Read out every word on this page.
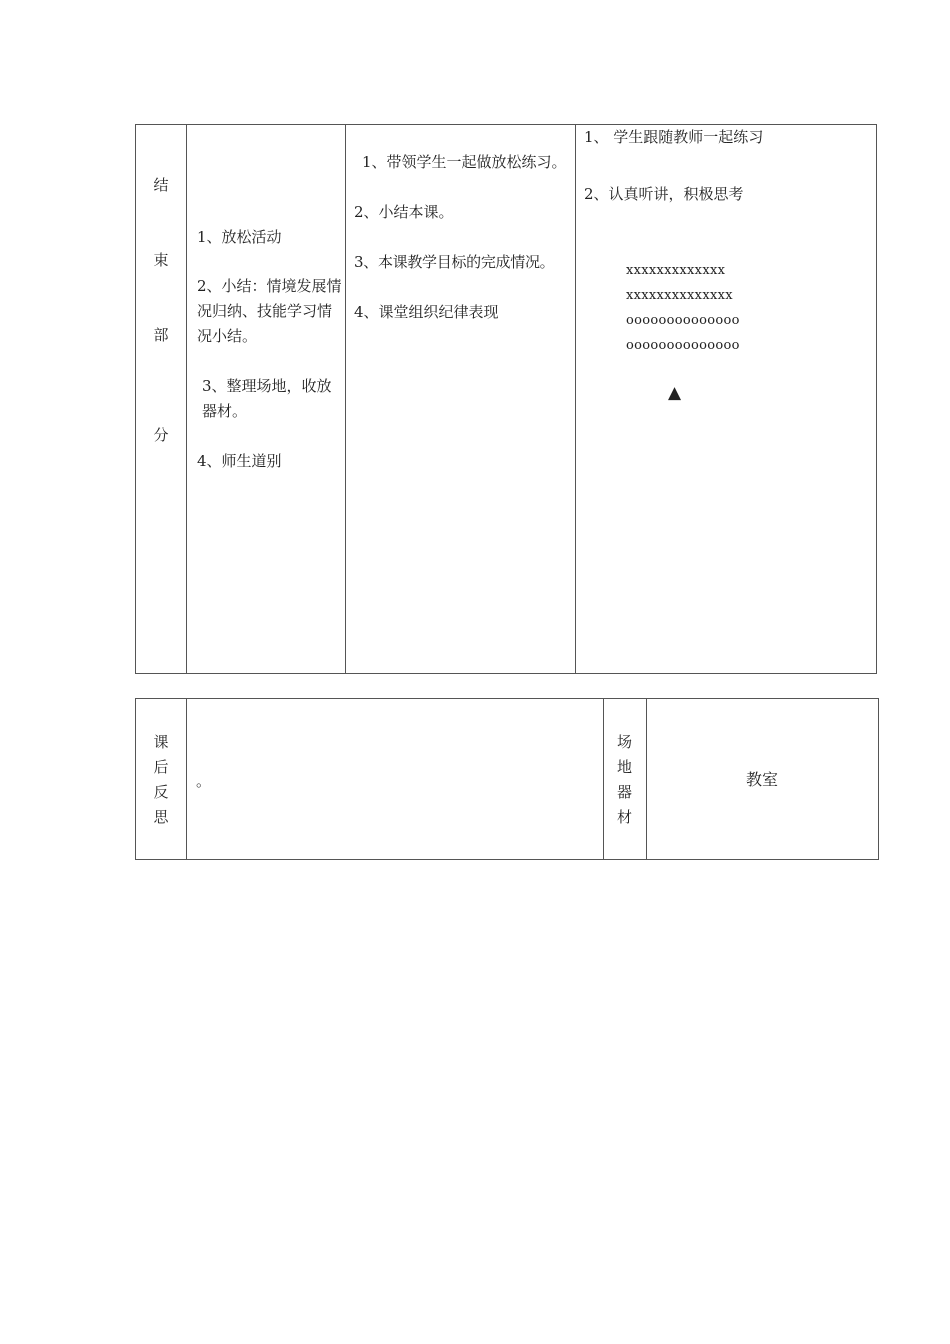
结
束
部
分
1、放松活动
2、小结：情境发展情况归纳、技能学习情况小结。
3、整理场地，收放器材。
4、师生道别
1、带领学生一起做放松练习。
2、小结本课。
3、本课教学目标的完成情况。
4、课堂组织纪律表现
1、 学生跟随教师一起练习
2、认真听讲，积极思考
xxxxxxxxxxxxx
xxxxxxxxxxxxxx
oooooooooooooo
oooooooooooooo
▲
课
后
反
思
。
场
地
器
材
教室
